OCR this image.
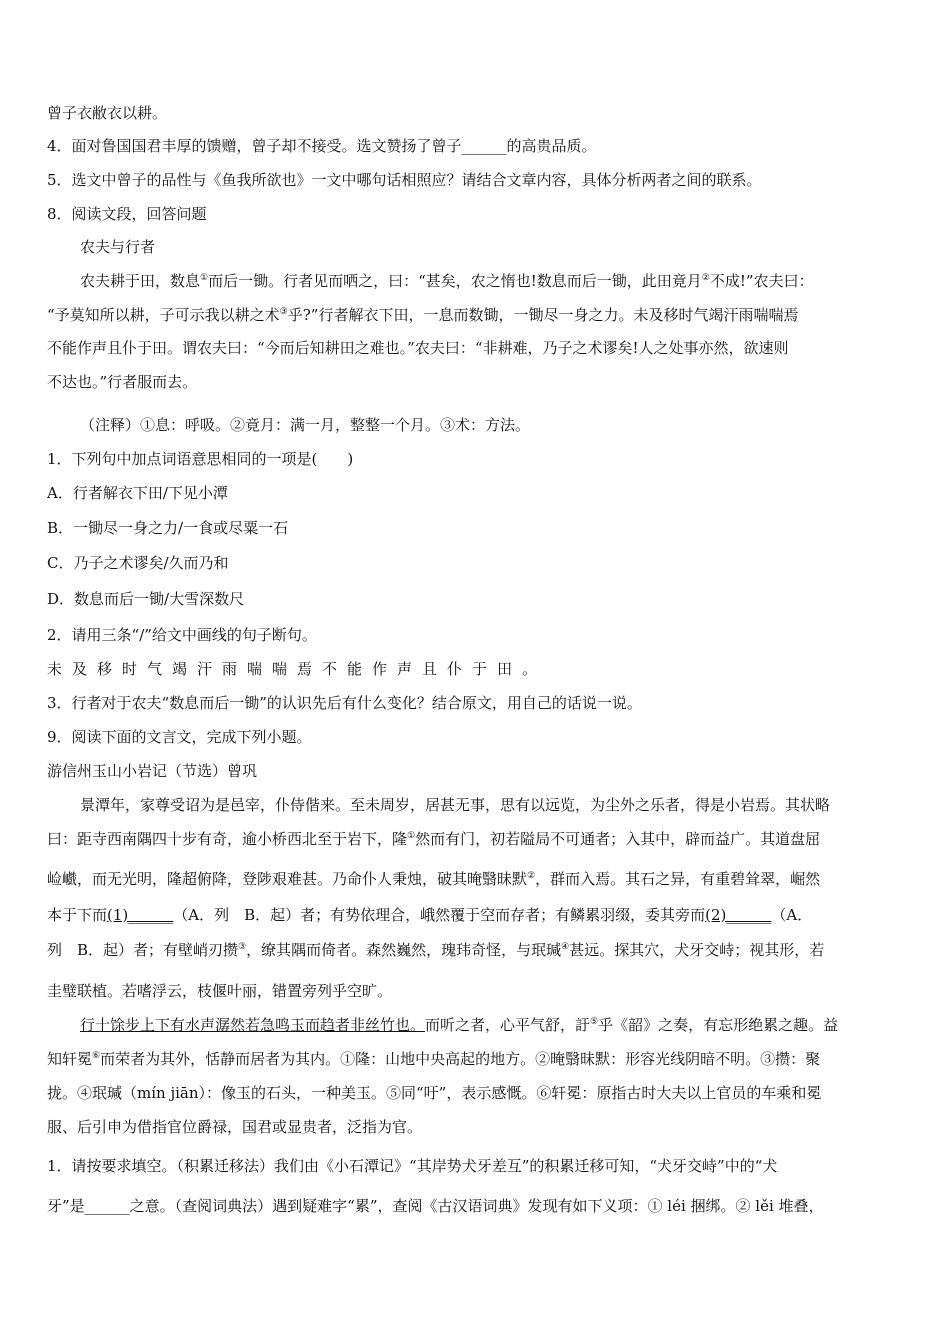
曾子衣敝衣以耕。
4．面对鲁国国君丰厚的馈赠，曾子却不接受。选文赞扬了曾子______的高贵品质。
5．选文中曾子的品性与《鱼我所欲也》一文中哪句话相照应？请结合文章内容，具体分析两者之间的联系。
8．阅读文段，回答问题
农夫与行者
农夫耕于田，数息①而后一锄。行者见而哂之，曰：“甚矣，农之惰也!数息而后一锄，此田竟月②不成!”农夫曰：
“予莫知所以耕，子可示我以耕之术③乎?”行者解衣下田，一息而数锄，一锄尽一身之力。未及移时气竭汗雨喘喘焉
不能作声且仆于田。谓农夫曰：“今而后知耕田之难也。”农夫曰：“非耕难，乃子之术谬矣!人之处事亦然，欲速则
不达也。”行者服而去。
（注释）①息：呼吸。②竟月：满一月，整整一个月。③术：方法。
1．下列句中加点词语意思相同的一项是(　　)
A．行者解衣下田/下见小潭
B．一锄尽一身之力/一食或尽粟一石
C．乃子之术谬矣/久而乃和
D．数息而后一锄/大雪深数尺
2．请用三条“/”给文中画线的句子断句。
未及移时气竭汗雨喘喘焉不能作声且仆于田。
3．行者对于农夫“数息而后一锄”的认识先后有什么变化？结合原文，用自己的话说一说。
9．阅读下面的文言文，完成下列小题。
游信州玉山小岩记（节选）曾巩
景潭年，家尊受诏为是邑宰，仆侍偕来。至未周岁，居甚无事，思有以远览，为尘外之乐者，得是小岩焉。其状略
曰：距寺西南隅四十步有奇，逾小桥西北至于岩下，隆①然而有门，初若隘局不可通者；入其中，辟而益广。其道盘屈
崄巇，而无光明，隆超俯降，登陟艰难甚。乃命仆人秉烛，破其晻翳昧默②，群而入焉。其石之异，有重碧耸翠，崛然
本于下而(1)______（A．列　B．起）者；有势依理合，峨然覆于空而存者；有鳞累羽缀，委其旁而(2)______（A．
列　B．起）者；有壁峭刃攒③，缭其隅而倚者。森然巍然，瑰玮奇怪，与珉瑊④甚远。探其穴，犬牙交峙；视其形，若
圭璧联植。若嗜浮云，枝偃叶丽，错置旁列乎空旷。
行十馀步上下有水声潺然若急鸣玉而趋者非丝竹也。而听之者，心平气舒，訏⑤乎《韶》之奏，有忘形绝累之趣。益
知轩冕⑥而荣者为其外，恬静而居者为其内。①隆：山地中央高起的地方。②晻翳昧默：形容光线阴暗不明。③攒：聚
拢。④珉瑊（mín jiān）：像玉的石头，一种美玉。⑤同“吁”，表示感慨。⑥轩冕：原指古时大夫以上官员的车乘和冕
服、后引申为借指官位爵禄，国君或显贵者，泛指为官。
1．请按要求填空。（积累迁移法）我们由《小石潭记》“其岸势犬牙差互”的积累迁移可知，“犬牙交峙”中的“犬
牙”是______之意。（查阅词典法）遇到疑难字“累”，查阅《古汉语词典》发现有如下义项：① léi 捆绑。② lěi 堆叠，
